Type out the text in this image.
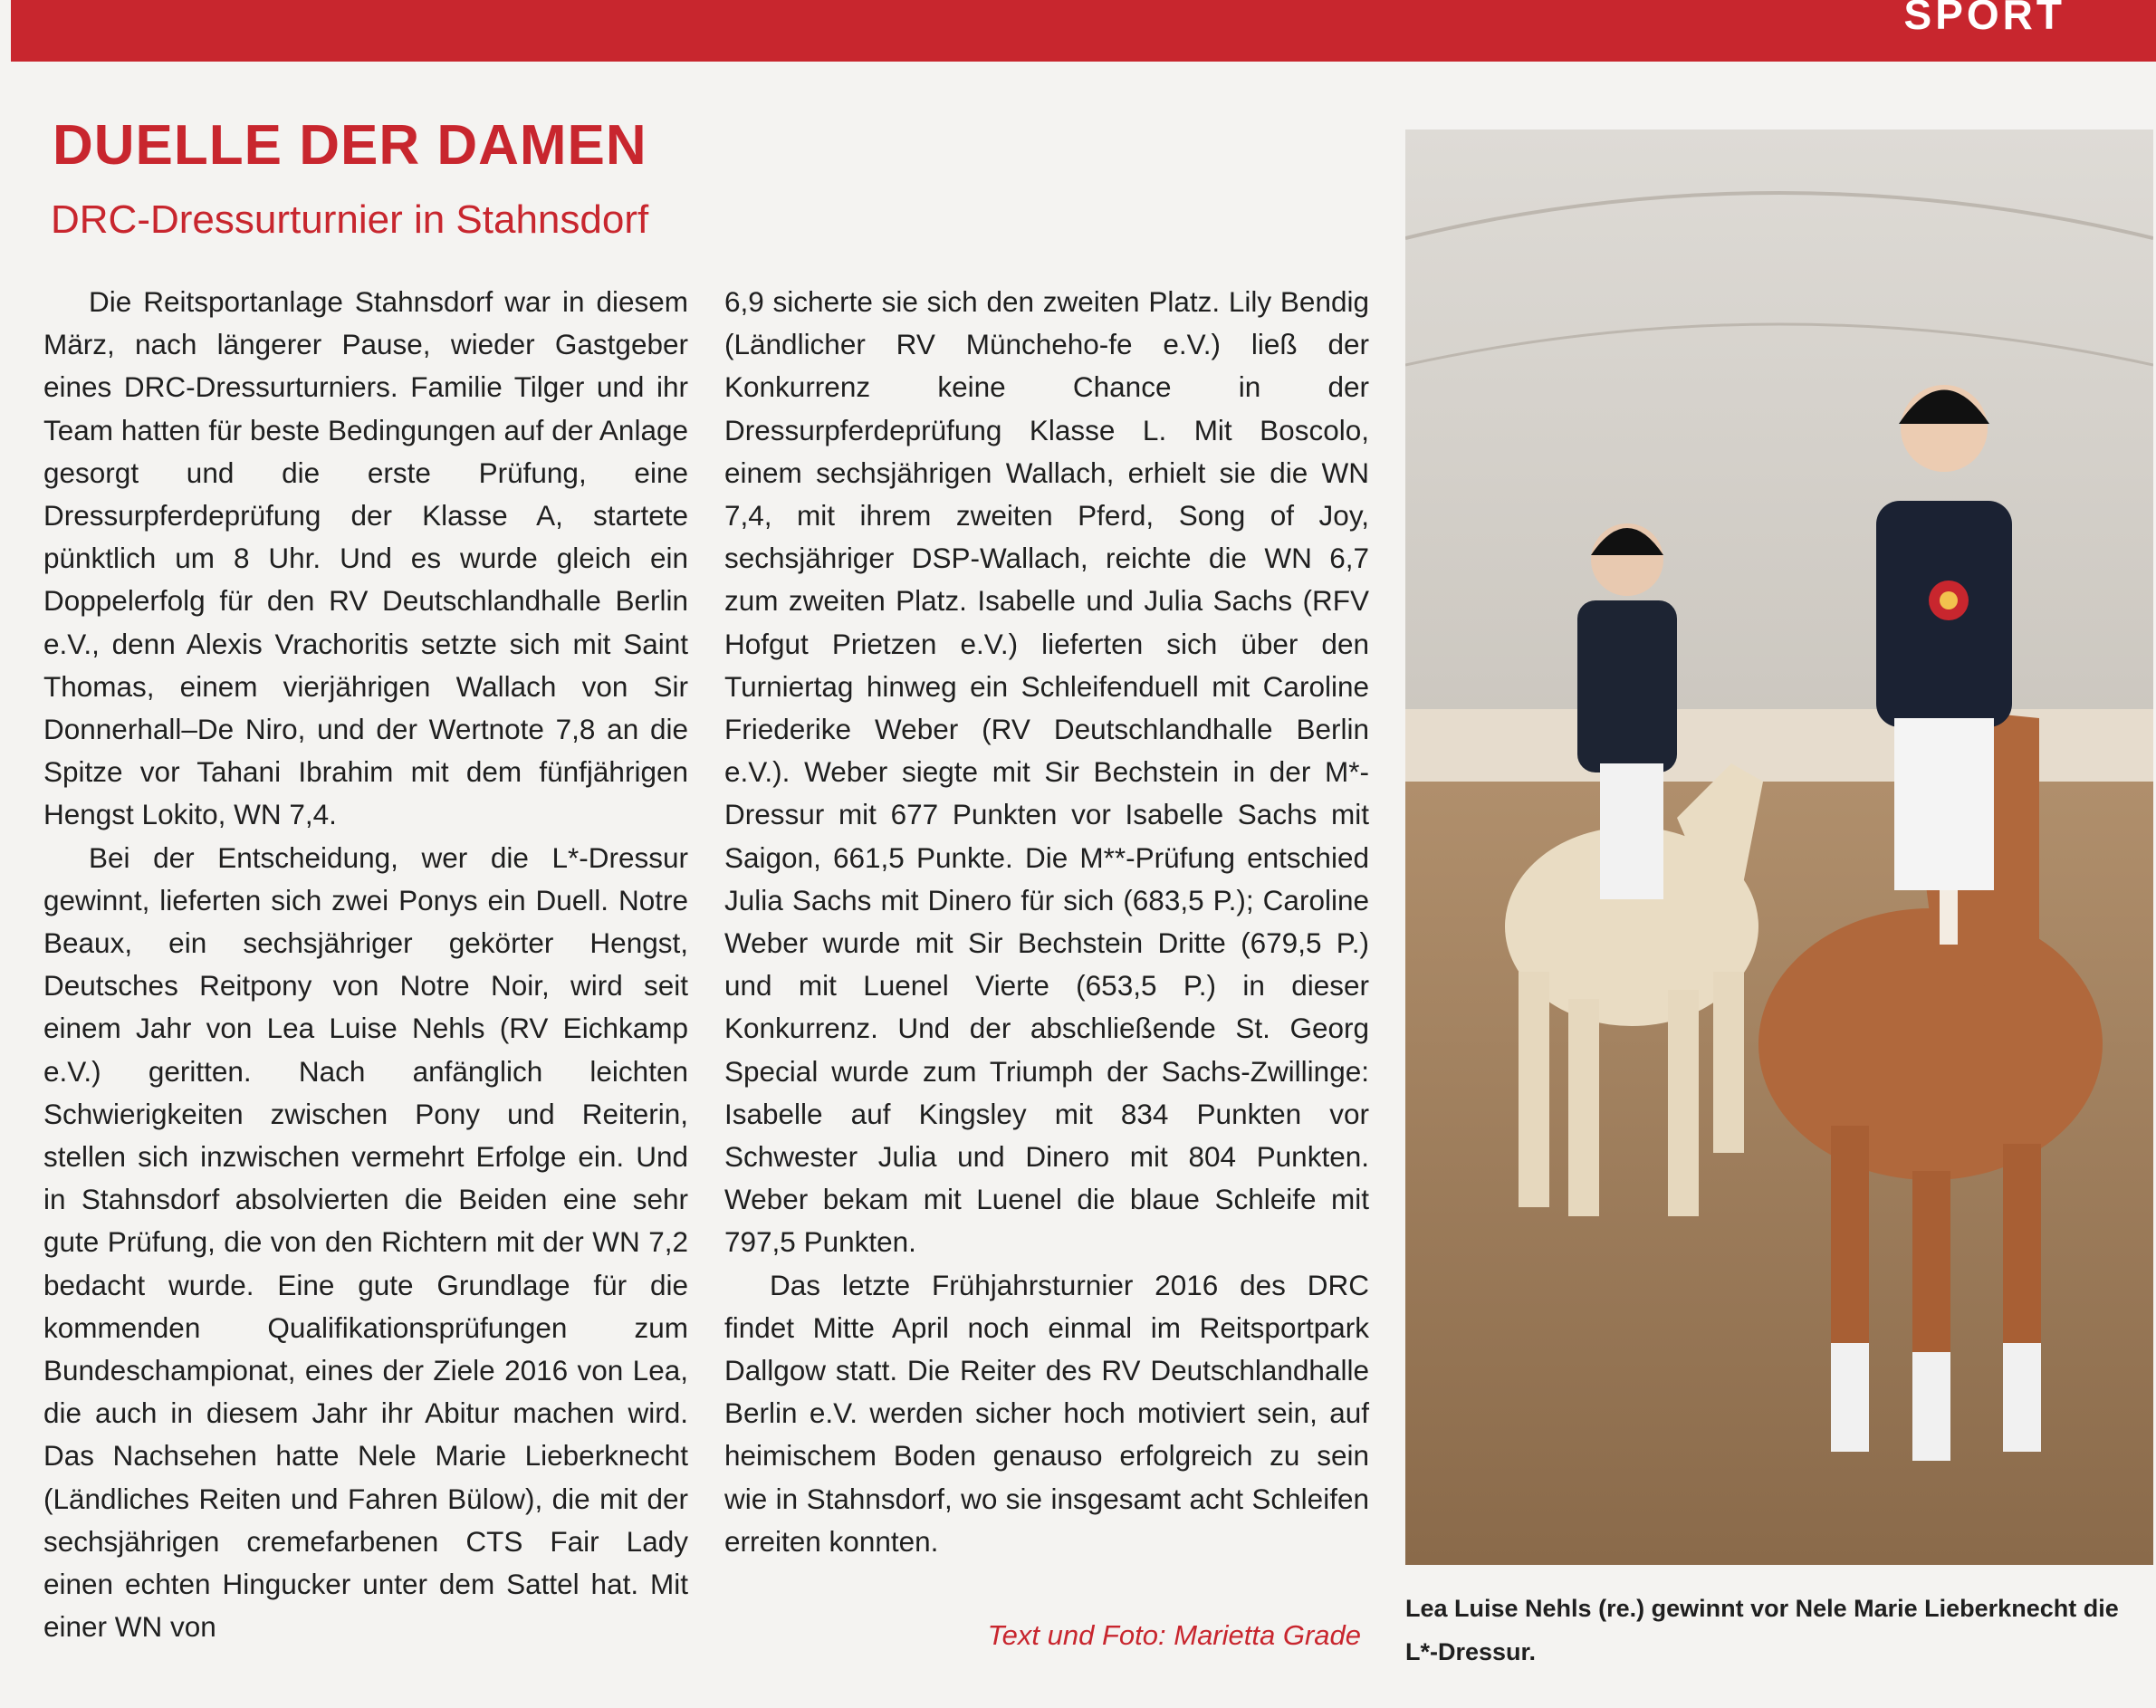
SPORT
DUELLE DER DAMEN
DRC-Dressurturnier in Stahnsdorf

Die Reitsportanlage Stahnsdorf war in diesem März, nach längerer Pause, wieder Gastgeber eines DRC-Dressurturniers. Familie Tilger und ihr Team hatten für beste Bedingungen auf der Anlage gesorgt und die erste Prüfung, eine Dressurpferdeprüfung der Klasse A, startete pünktlich um 8 Uhr. Und es wurde gleich ein Doppelerfolg für den RV Deutschlandhalle Berlin e.V., denn Alexis Vrachoritis setzte sich mit Saint Thomas, einem vierjährigen Wallach von Sir Donnerhall–De Niro, und der Wertnote 7,8 an die Spitze vor Tahani Ibrahim mit dem fünfjährigen Hengst Lokito, WN 7,4.

Bei der Entscheidung, wer die L*-Dressur gewinnt, lieferten sich zwei Ponys ein Duell. Notre Beaux, ein sechsjähriger gekörter Hengst, Deutsches Reitpony von Notre Noir, wird seit einem Jahr von Lea Luise Nehls (RV Eichkamp e.V.) geritten. Nach anfänglich leichten Schwierigkeiten zwischen Pony und Reiterin, stellen sich inzwischen vermehrt Erfolge ein. Und in Stahnsdorf absolvierten die Beiden eine sehr gute Prüfung, die von den Richtern mit der WN 7,2 bedacht wurde. Eine gute Grundlage für die kommenden Qualifikationsprüfungen zum Bundeschampionat, eines der Ziele 2016 von Lea, die auch in diesem Jahr ihr Abitur machen wird. Das Nachsehen hatte Nele Marie Lieberknecht (Ländliches Reiten und Fahren Bülow), die mit der sechsjährigen cremefarbenen CTS Fair Lady einen echten Hingucker unter dem Sattel hat. Mit einer WN von

6,9 sicherte sie sich den zweiten Platz. Lily Bendig (Ländlicher RV Müncheho-fe e.V.) ließ der Konkurrenz keine Chance in der Dressurpferdeprüfung Klasse L. Mit Boscolo, einem sechsjährigen Wallach, erhielt sie die WN 7,4, mit ihrem zweiten Pferd, Song of Joy, sechsjähriger DSP-Wallach, reichte die WN 6,7 zum zweiten Platz. Isabelle und Julia Sachs (RFV Hofgut Prietzen e.V.) lieferten sich über den Turniertag hinweg ein Schleifenduell mit Caroline Friederike Weber (RV Deutschlandhalle Berlin e.V.). Weber siegte mit Sir Bechstein in der M*-Dressur mit 677 Punkten vor Isabelle Sachs mit Saigon, 661,5 Punkte. Die M**-Prüfung entschied Julia Sachs mit Dinero für sich (683,5 P.); Caroline Weber wurde mit Sir Bechstein Dritte (679,5 P.) und mit Luenel Vierte (653,5 P.) in dieser Konkurrenz. Und der abschließende St. Georg Special wurde zum Triumph der Sachs-Zwillinge: Isabelle auf Kingsley mit 834 Punkten vor Schwester Julia und Dinero mit 804 Punkten. Weber bekam mit Luenel die blaue Schleife mit 797,5 Punkten.

Das letzte Frühjahrsturnier 2016 des DRC findet Mitte April noch einmal im Reitsportpark Dallgow statt. Die Reiter des RV Deutschlandhalle Berlin e.V. werden sicher hoch motiviert sein, auf heimischem Boden genauso erfolgreich zu sein wie in Stahnsdorf, wo sie insgesamt acht Schleifen erreiten konnten.

Text und Foto: Marietta Grade
Lea Luise Nehls (re.) gewinnt vor Nele Marie Lieberknecht die L*-Dressur.
